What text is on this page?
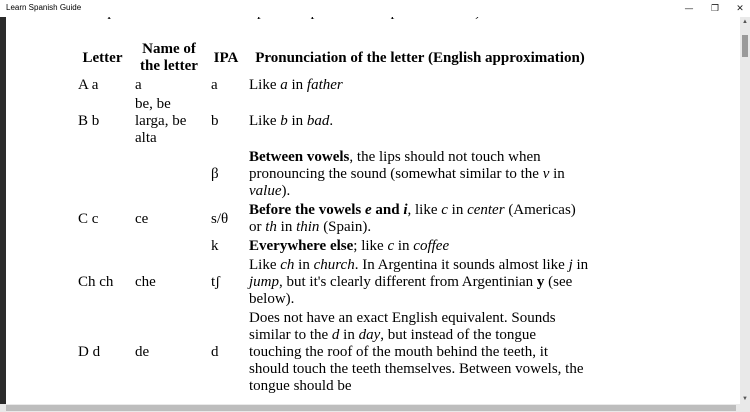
Letter	Name of the letter	IPA	Pronunciation of the letter (English approximation)
A a	a	a	Like a in father
B b	be, be larga, be alta	b	Like b in bad.
		β	Between vowels, the lips should not touch when pronouncing the sound (somewhat similar to the v in value).
C c	ce	s/θ	Before the vowels e and i, like c in center (Americas) or th in thin (Spain).
		k	Everywhere else; like c in coffee
Ch ch	che	tʃ	Like ch in church. In Argentina it sounds almost like j in jump, but it's clearly different from Argentinian y (see below).
D d	de	d	Does not have an exact English equivalent. Sounds similar to the d in day, but instead of the tongue touching the roof of the mouth behind the teeth, it should touch the teeth themselves. Between vowels, the tongue should be
Learn Spanish Guide	—	❐	✕
▲
▼
